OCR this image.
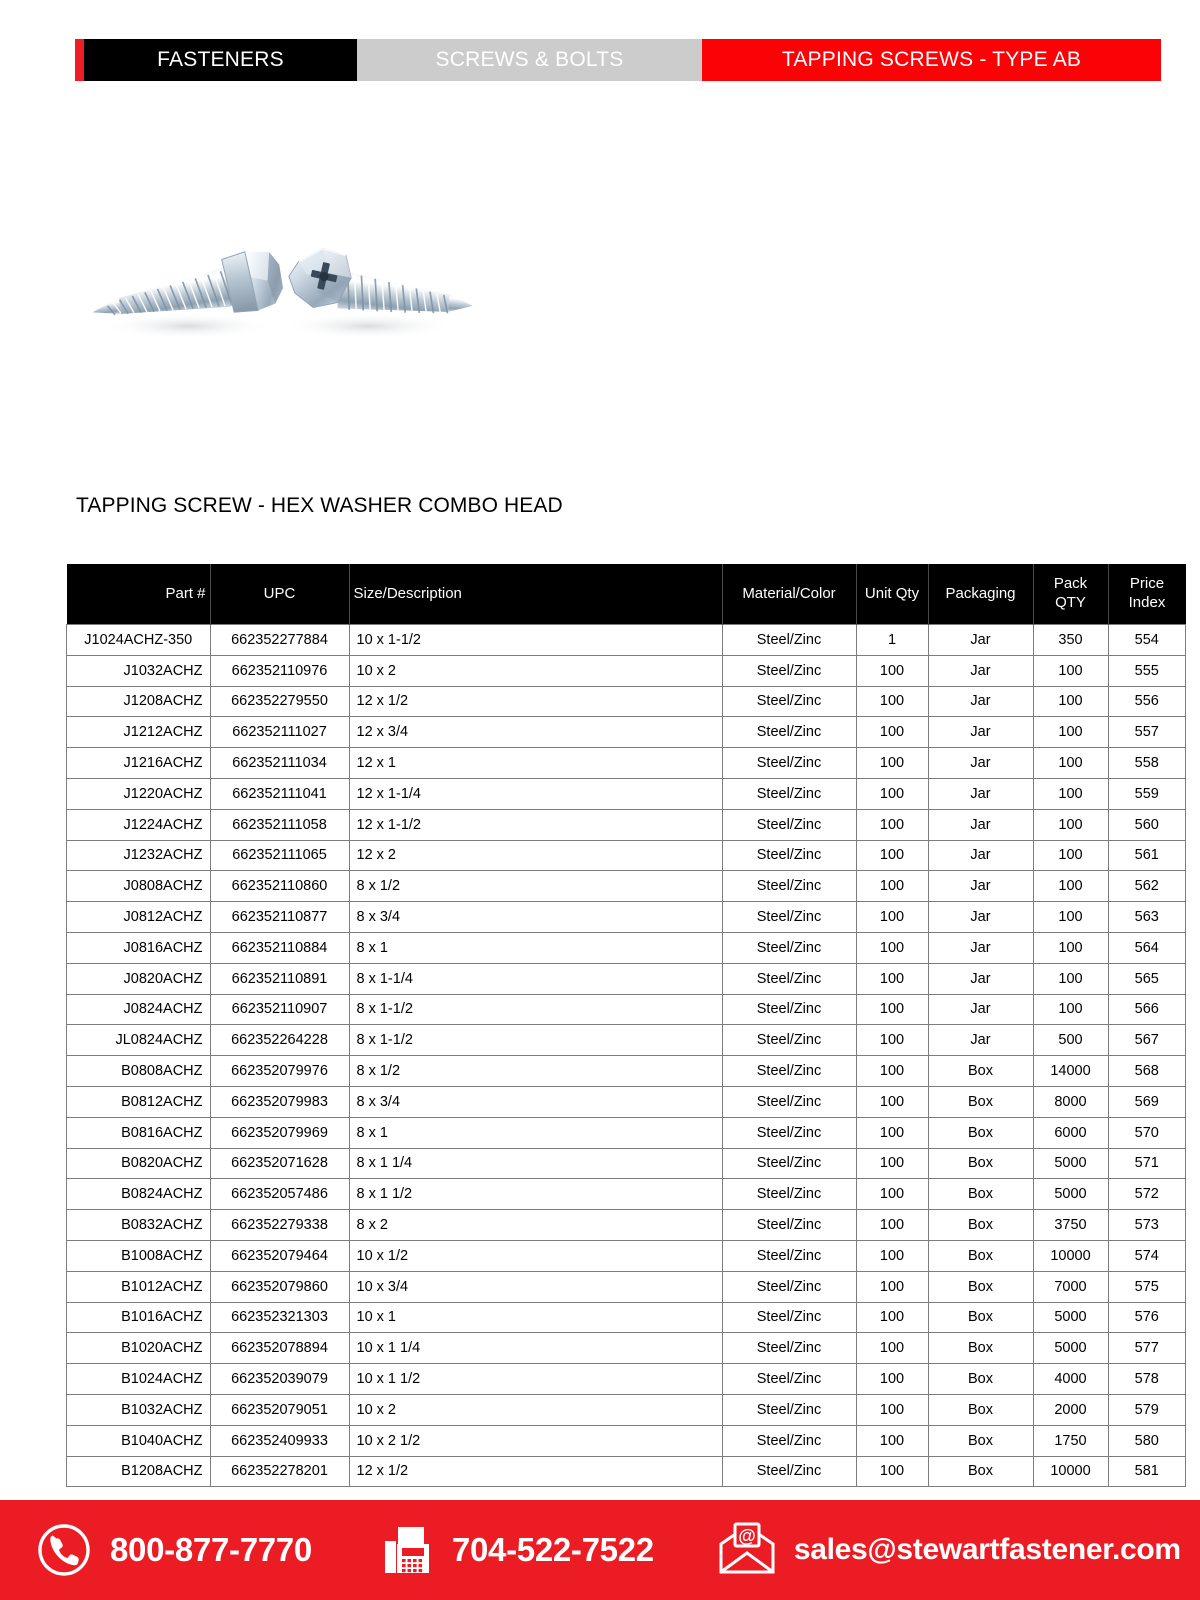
FASTENERS	SCREWS & BOLTS	TAPPING SCREWS - TYPE AB
TAPPING SCREW - HEX WASHER COMBO HEAD
Part #	UPC	Size/Description	Material/Color	Unit Qty	Packaging	Pack QTY	Price Index
J1024ACHZ-350	662352277884	10 x 1-1/2	Steel/Zinc	1	Jar	350	554
J1032ACHZ	662352110976	10 x 2	Steel/Zinc	100	Jar	100	555
J1208ACHZ	662352279550	12 x 1/2	Steel/Zinc	100	Jar	100	556
J1212ACHZ	662352111027	12 x 3/4	Steel/Zinc	100	Jar	100	557
J1216ACHZ	662352111034	12 x 1	Steel/Zinc	100	Jar	100	558
J1220ACHZ	662352111041	12 x 1-1/4	Steel/Zinc	100	Jar	100	559
J1224ACHZ	662352111058	12 x 1-1/2	Steel/Zinc	100	Jar	100	560
J1232ACHZ	662352111065	12 x 2	Steel/Zinc	100	Jar	100	561
J0808ACHZ	662352110860	8 x 1/2	Steel/Zinc	100	Jar	100	562
J0812ACHZ	662352110877	8 x 3/4	Steel/Zinc	100	Jar	100	563
J0816ACHZ	662352110884	8 x 1	Steel/Zinc	100	Jar	100	564
J0820ACHZ	662352110891	8 x 1-1/4	Steel/Zinc	100	Jar	100	565
J0824ACHZ	662352110907	8 x 1-1/2	Steel/Zinc	100	Jar	100	566
JL0824ACHZ	662352264228	8 x 1-1/2	Steel/Zinc	100	Jar	500	567
B0808ACHZ	662352079976	8 x 1/2	Steel/Zinc	100	Box	14000	568
B0812ACHZ	662352079983	8 x 3/4	Steel/Zinc	100	Box	8000	569
B0816ACHZ	662352079969	8 x 1	Steel/Zinc	100	Box	6000	570
B0820ACHZ	662352071628	8 x 1 1/4	Steel/Zinc	100	Box	5000	571
B0824ACHZ	662352057486	8 x 1 1/2	Steel/Zinc	100	Box	5000	572
B0832ACHZ	662352279338	8 x 2	Steel/Zinc	100	Box	3750	573
B1008ACHZ	662352079464	10 x 1/2	Steel/Zinc	100	Box	10000	574
B1012ACHZ	662352079860	10 x 3/4	Steel/Zinc	100	Box	7000	575
B1016ACHZ	662352321303	10 x 1	Steel/Zinc	100	Box	5000	576
B1020ACHZ	662352078894	10 x 1 1/4	Steel/Zinc	100	Box	5000	577
B1024ACHZ	662352039079	10 x 1 1/2	Steel/Zinc	100	Box	4000	578
B1032ACHZ	662352079051	10 x 2	Steel/Zinc	100	Box	2000	579
B1040ACHZ	662352409933	10 x 2 1/2	Steel/Zinc	100	Box	1750	580
B1208ACHZ	662352278201	12 x 1/2	Steel/Zinc	100	Box	10000	581
800-877-7770	704-522-7522	@ sales@stewartfastener.com
